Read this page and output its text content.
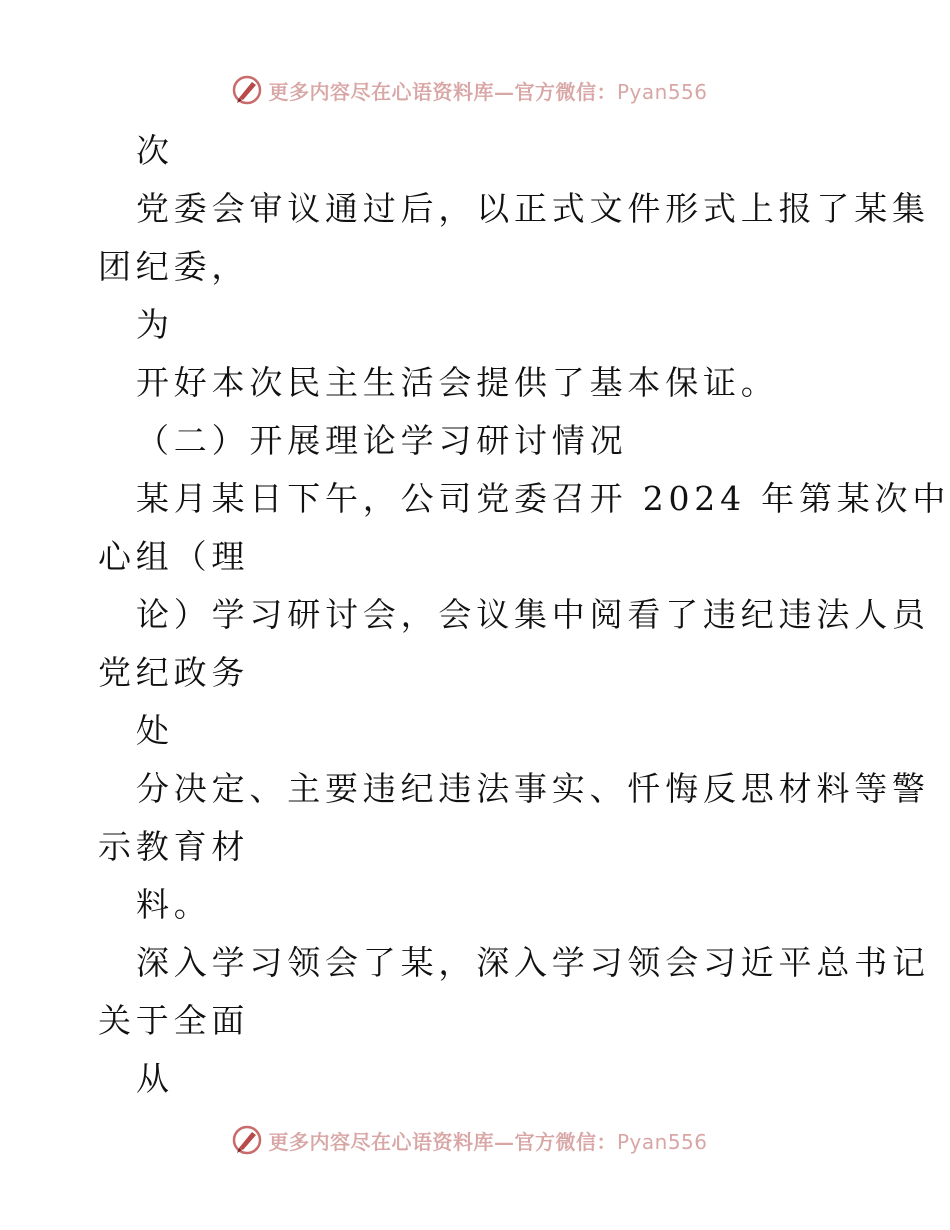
更多内容尽在心语资料库—官方微信：Pyan556
次
党委会审议通过后，以正式文件形式上报了某集
团纪委，
为
开好本次民主生活会提供了基本保证。
（二）开展理论学习研讨情况
某月某日下午，公司党委召开 2024 年第某次中
心组（理
论）学习研讨会，会议集中阅看了违纪违法人员
党纪政务
处
分决定、主要违纪违法事实、忏悔反思材料等警
示教育材
料。
深入学习领会了某，深入学习领会习近平总书记
关于全面
从
更多内容尽在心语资料库—官方微信：Pyan556
